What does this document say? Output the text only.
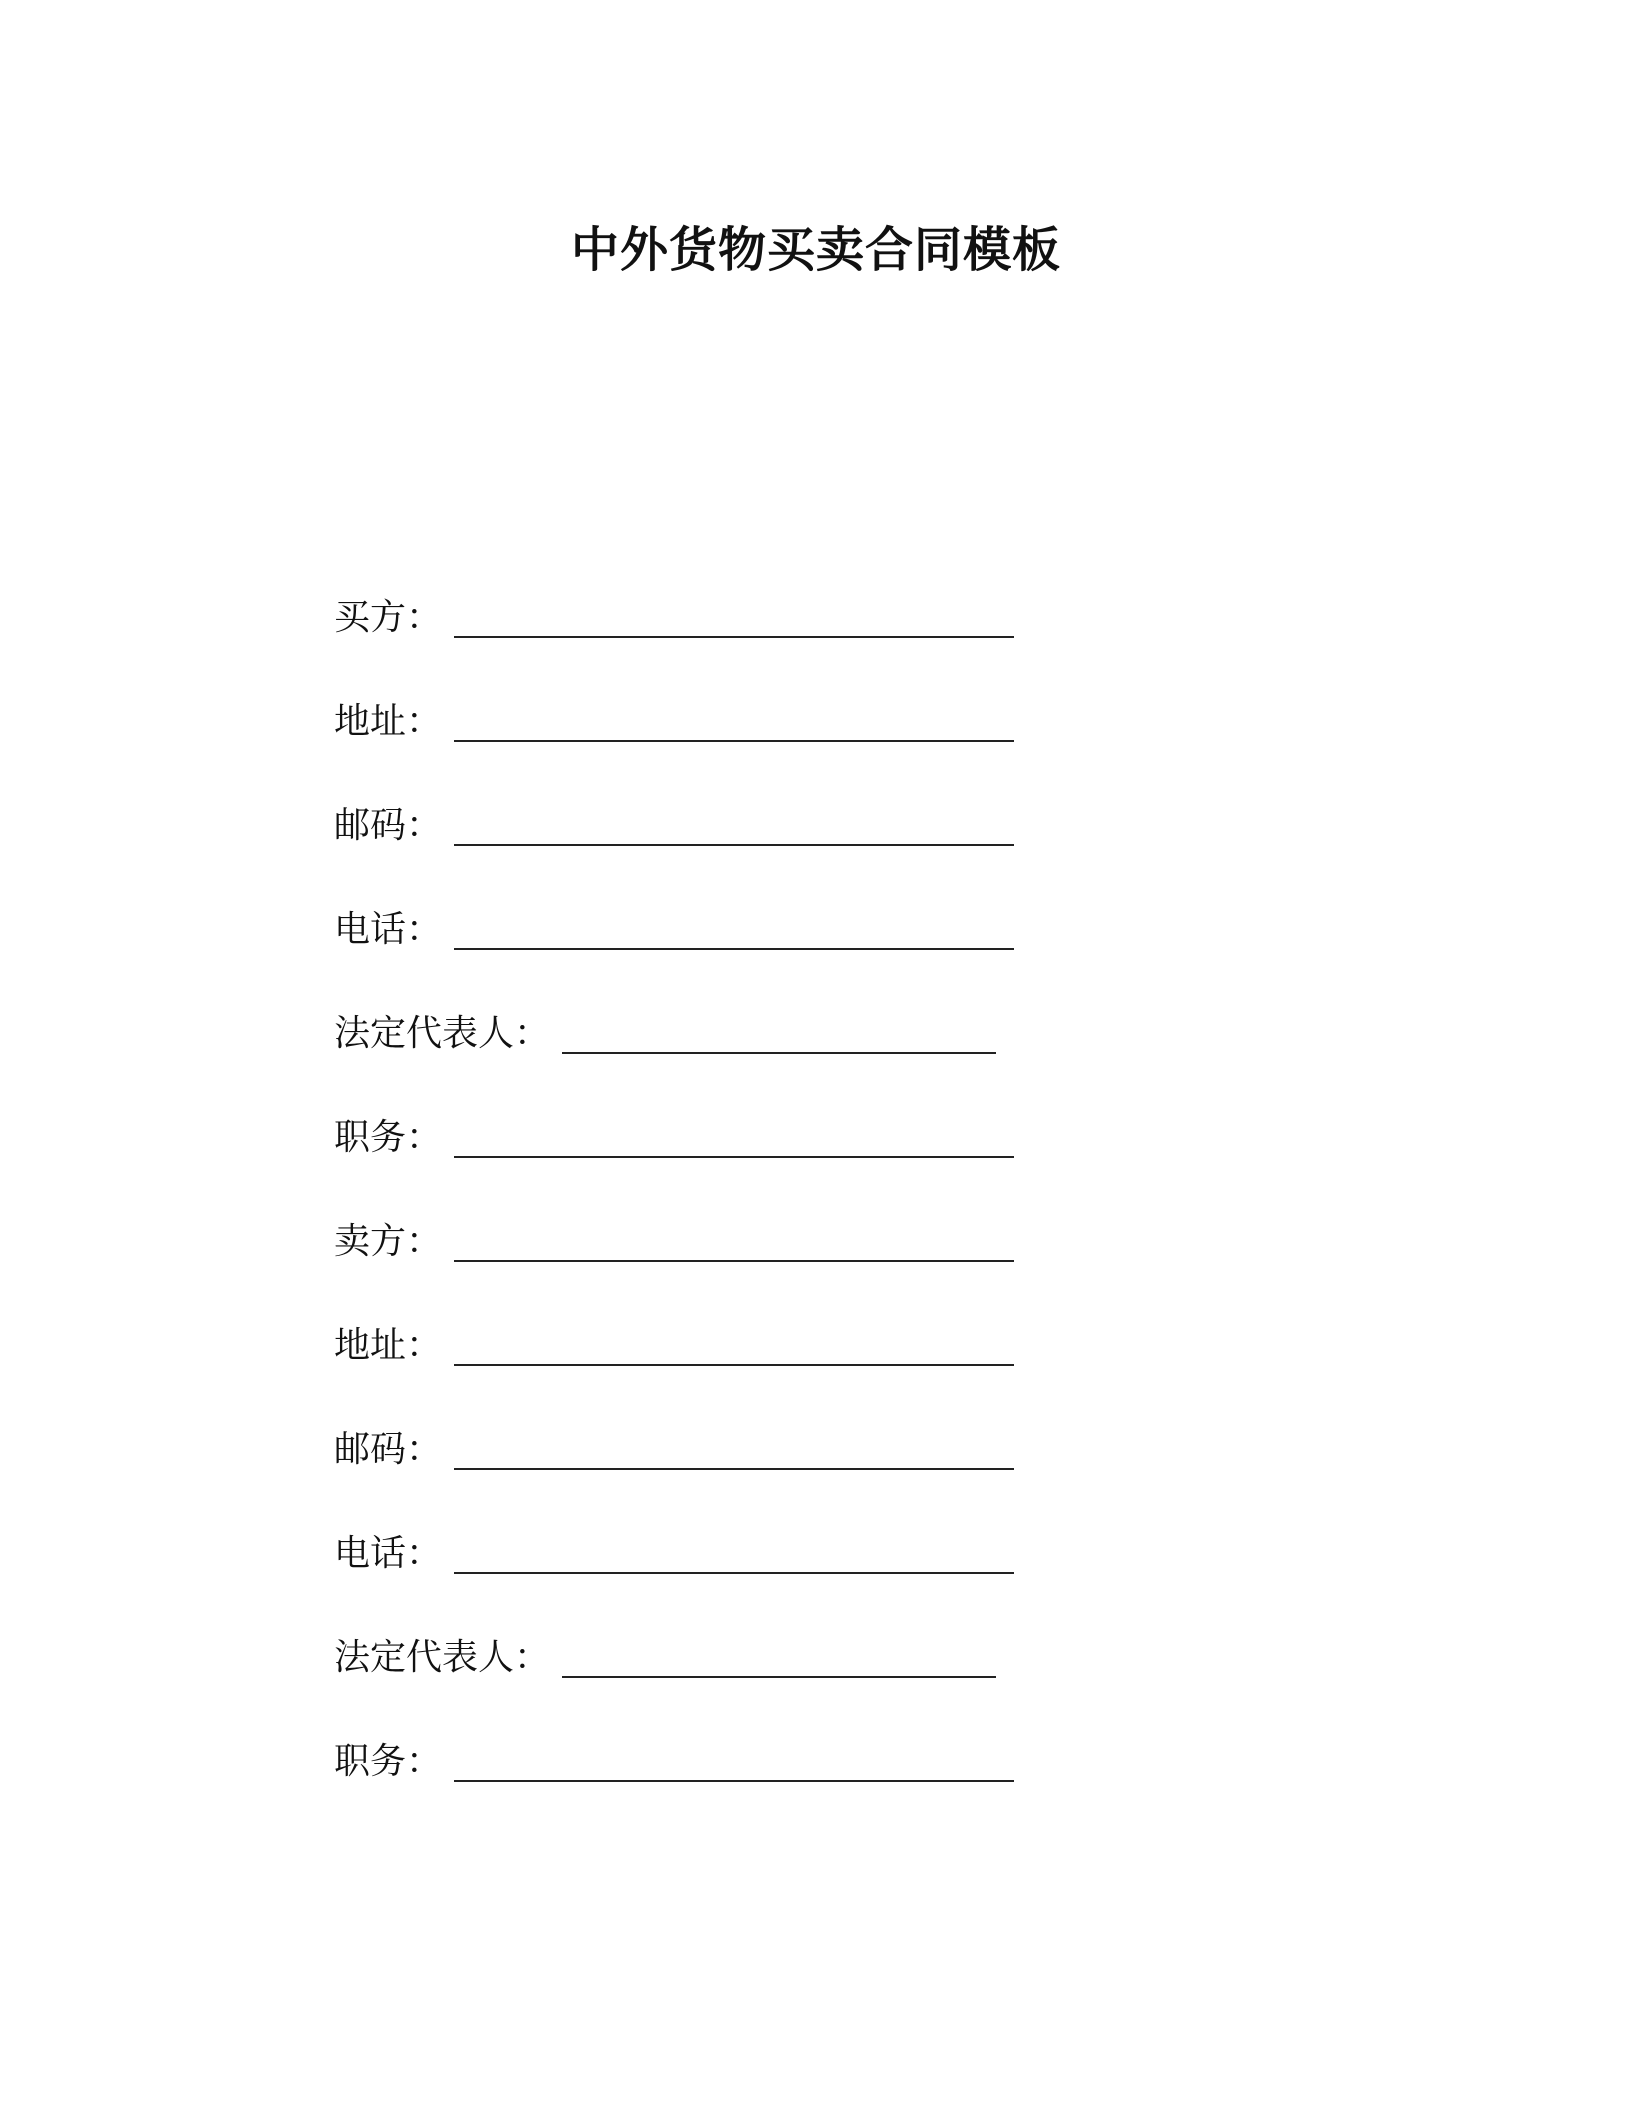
中外货物买卖合同模板
买方 ：
地址 ：
邮码 ：
电话 ：
法定代表人 ：
职务 ：
卖方 ：
地址 ：
邮码 ：
电话 ：
法定代表人 ：
职务 ：
